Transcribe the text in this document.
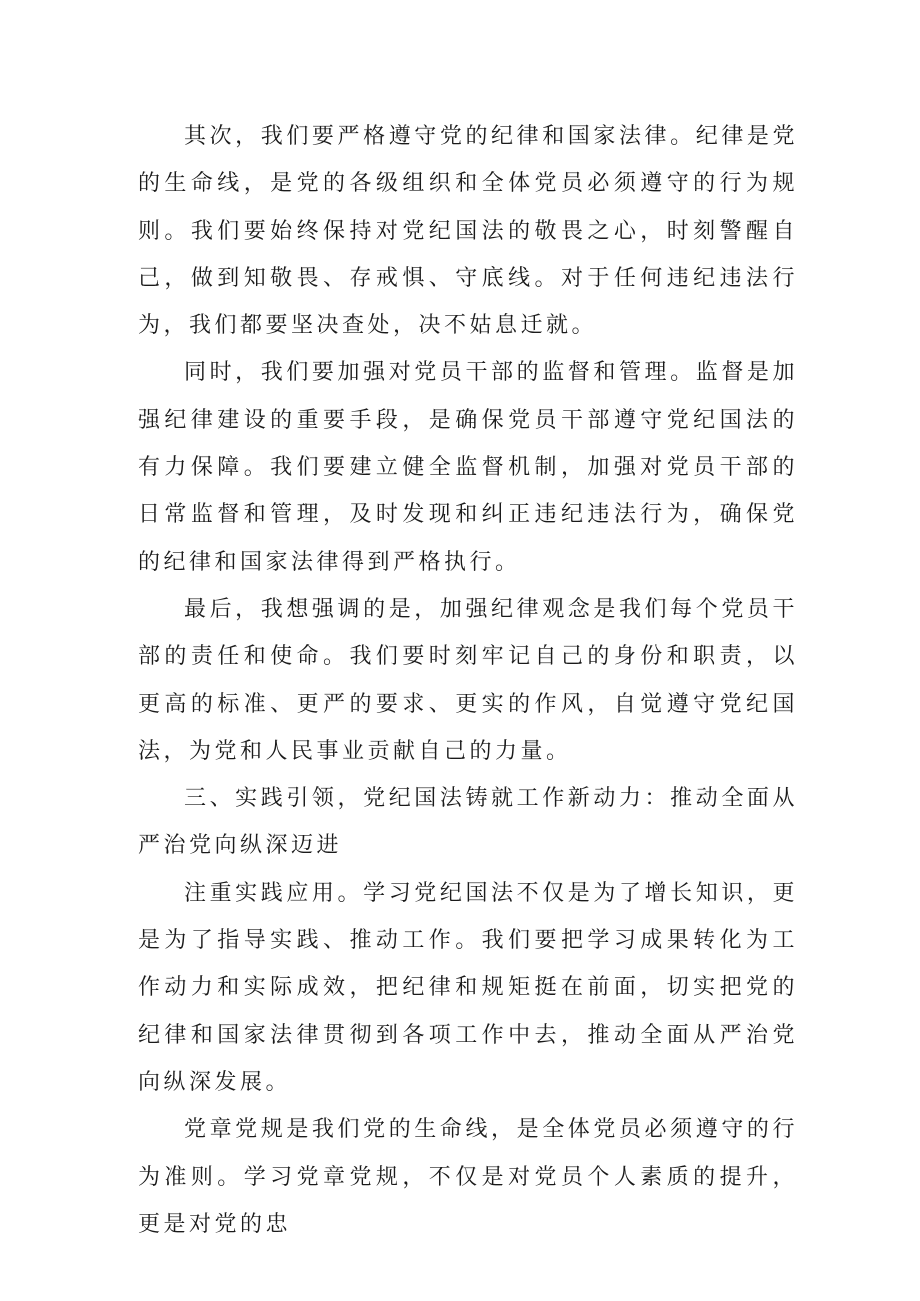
其次，我们要严格遵守党的纪律和国家法律。纪律是党的生命线，是党的各级组织和全体党员必须遵守的行为规则。我们要始终保持对党纪国法的敬畏之心，时刻警醒自己，做到知敬畏、存戒惧、守底线。对于任何违纪违法行为，我们都要坚决查处，决不姑息迁就。

同时，我们要加强对党员干部的监督和管理。监督是加强纪律建设的重要手段，是确保党员干部遵守党纪国法的有力保障。我们要建立健全监督机制，加强对党员干部的日常监督和管理，及时发现和纠正违纪违法行为，确保党的纪律和国家法律得到严格执行。

最后，我想强调的是，加强纪律观念是我们每个党员干部的责任和使命。我们要时刻牢记自己的身份和职责，以更高的标准、更严的要求、更实的作风，自觉遵守党纪国法，为党和人民事业贡献自己的力量。

三、实践引领，党纪国法铸就工作新动力：推动全面从严治党向纵深迈进

注重实践应用。学习党纪国法不仅是为了增长知识，更是为了指导实践、推动工作。我们要把学习成果转化为工作动力和实际成效，把纪律和规矩挺在前面，切实把党的纪律和国家法律贯彻到各项工作中去，推动全面从严治党向纵深发展。

党章党规是我们党的生命线，是全体党员必须遵守的行为准则。学习党章党规，不仅是对党员个人素质的提升，更是对党的忠
